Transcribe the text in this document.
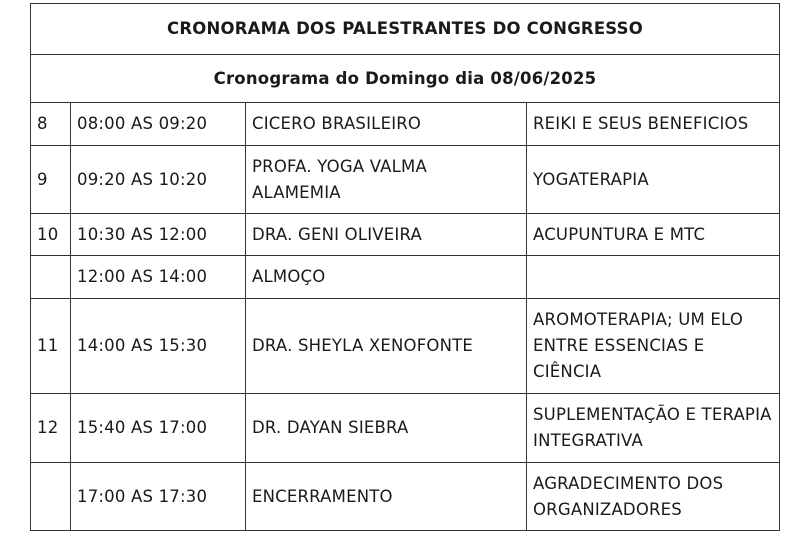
CRONORAMA DOS PALESTRANTES DO CONGRESSO			
Cronograma do Domingo dia 08/06/2025			
8	08:00 AS 09:20	CICERO BRASILEIRO	REIKI E SEUS BENEFICIOS
9	09:20 AS 10:20	PROFA. YOGA VALMA ALAMEMIA	YOGATERAPIA
10	10:30 AS 12:00	DRA. GENI OLIVEIRA	ACUPUNTURA E MTC
	12:00 AS 14:00	ALMOÇO	
11	14:00 AS 15:30	DRA. SHEYLA XENOFONTE	AROMOTERAPIA; UM ELO ENTRE ESSENCIAS E CIÊNCIA
12	15:40 AS 17:00	DR. DAYAN SIEBRA	SUPLEMENTAÇÃO E TERAPIA INTEGRATIVA
	17:00 AS 17:30	ENCERRAMENTO	AGRADECIMENTO DOS ORGANIZADORES
